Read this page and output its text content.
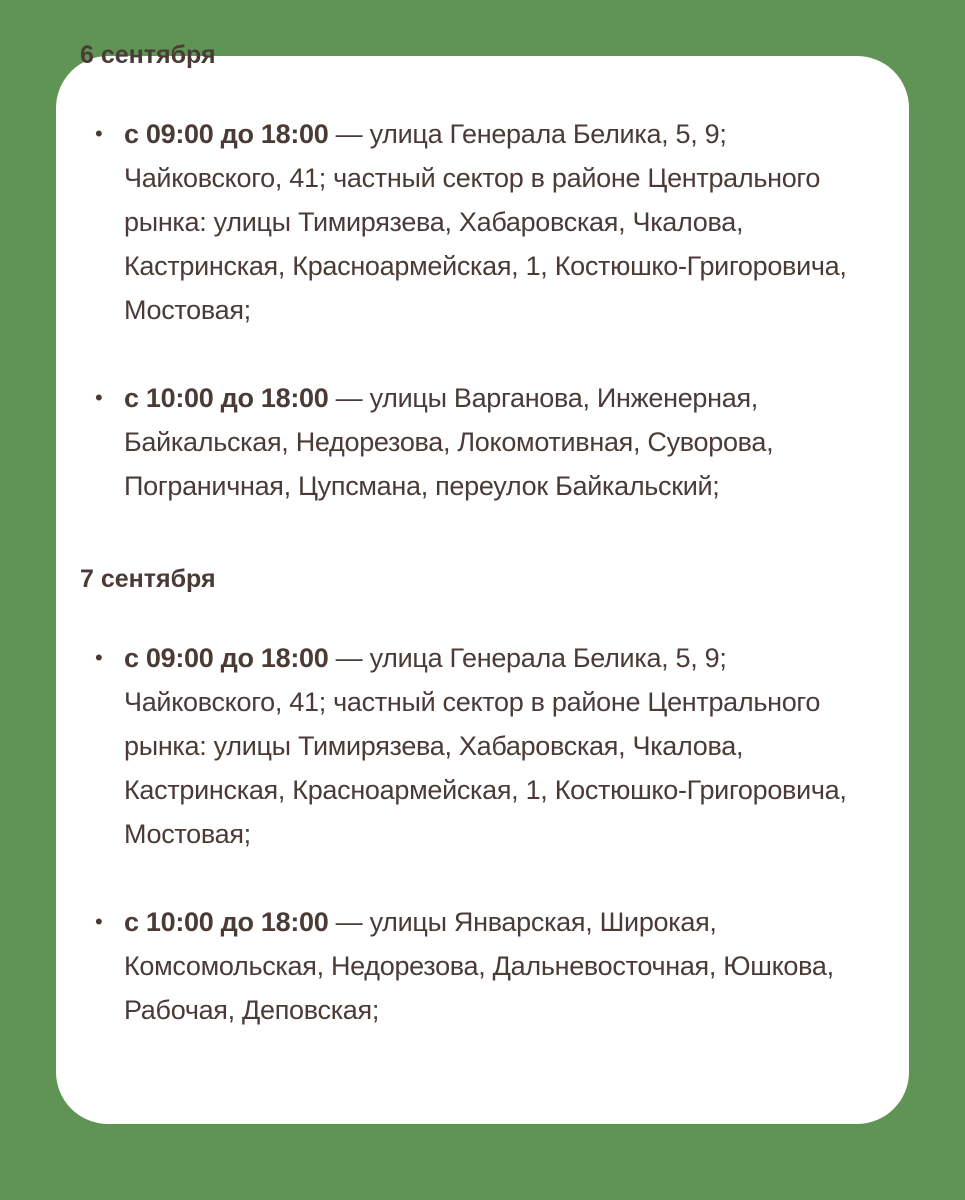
6 сентября
• с 09:00 до 18:00 — улица Генерала Белика, 5, 9; Чайковского, 41; частный сектор в районе Центрального рынка: улицы Тимирязева, Хабаровская, Чкалова, Кастринская, Красноармейская, 1, Костюшко-Григоровича, Мостовая;
• с 10:00 до 18:00 — улицы Варганова, Инженерная, Байкальская, Недорезова, Локомотивная, Суворова, Пограничная, Цупсмана, переулок Байкальский;
7 сентября
• с 09:00 до 18:00 — улица Генерала Белика, 5, 9; Чайковского, 41; частный сектор в районе Центрального рынка: улицы Тимирязева, Хабаровская, Чкалова, Кастринская, Красноармейская, 1, Костюшко-Григоровича, Мостовая;
• с 10:00 до 18:00 — улицы Январская, Широкая, Комсомольская, Недорезова, Дальневосточная, Юшкова, Рабочая, Деповская;
